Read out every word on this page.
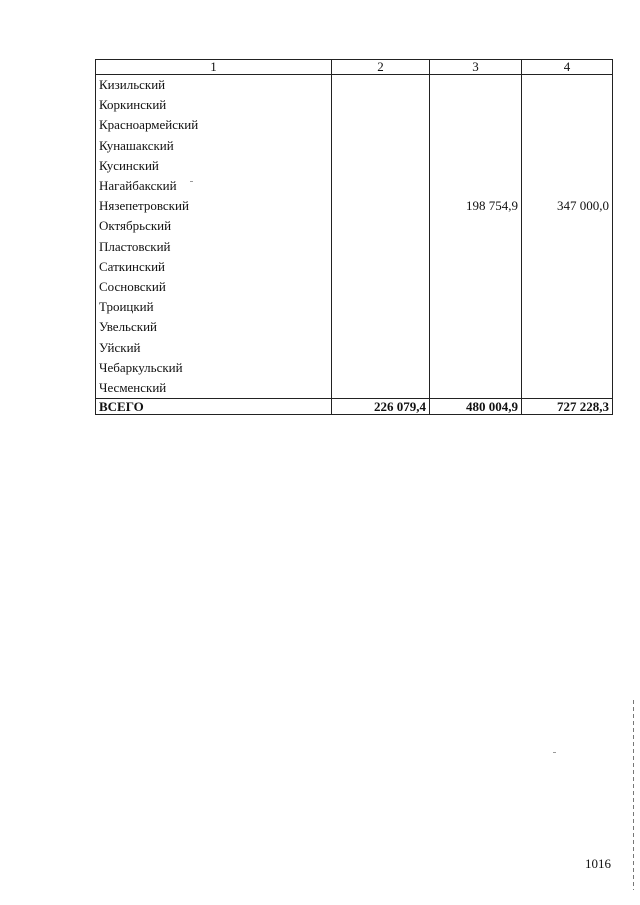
1	2	3	4
Кизильский			
Коркинский			
Красноармейский			
Кунашакский			
Кусинский			
Нагайбакский			
Нязепетровский		198 754,9	347 000,0
Октябрьский			
Пластовский			
Саткинский			
Сосновский			
Троицкий			
Увельский			
Уйский			
Чебаркульский			
Чесменский			
ВСЕГО	226 079,4	480 004,9	727 228,3
1016
